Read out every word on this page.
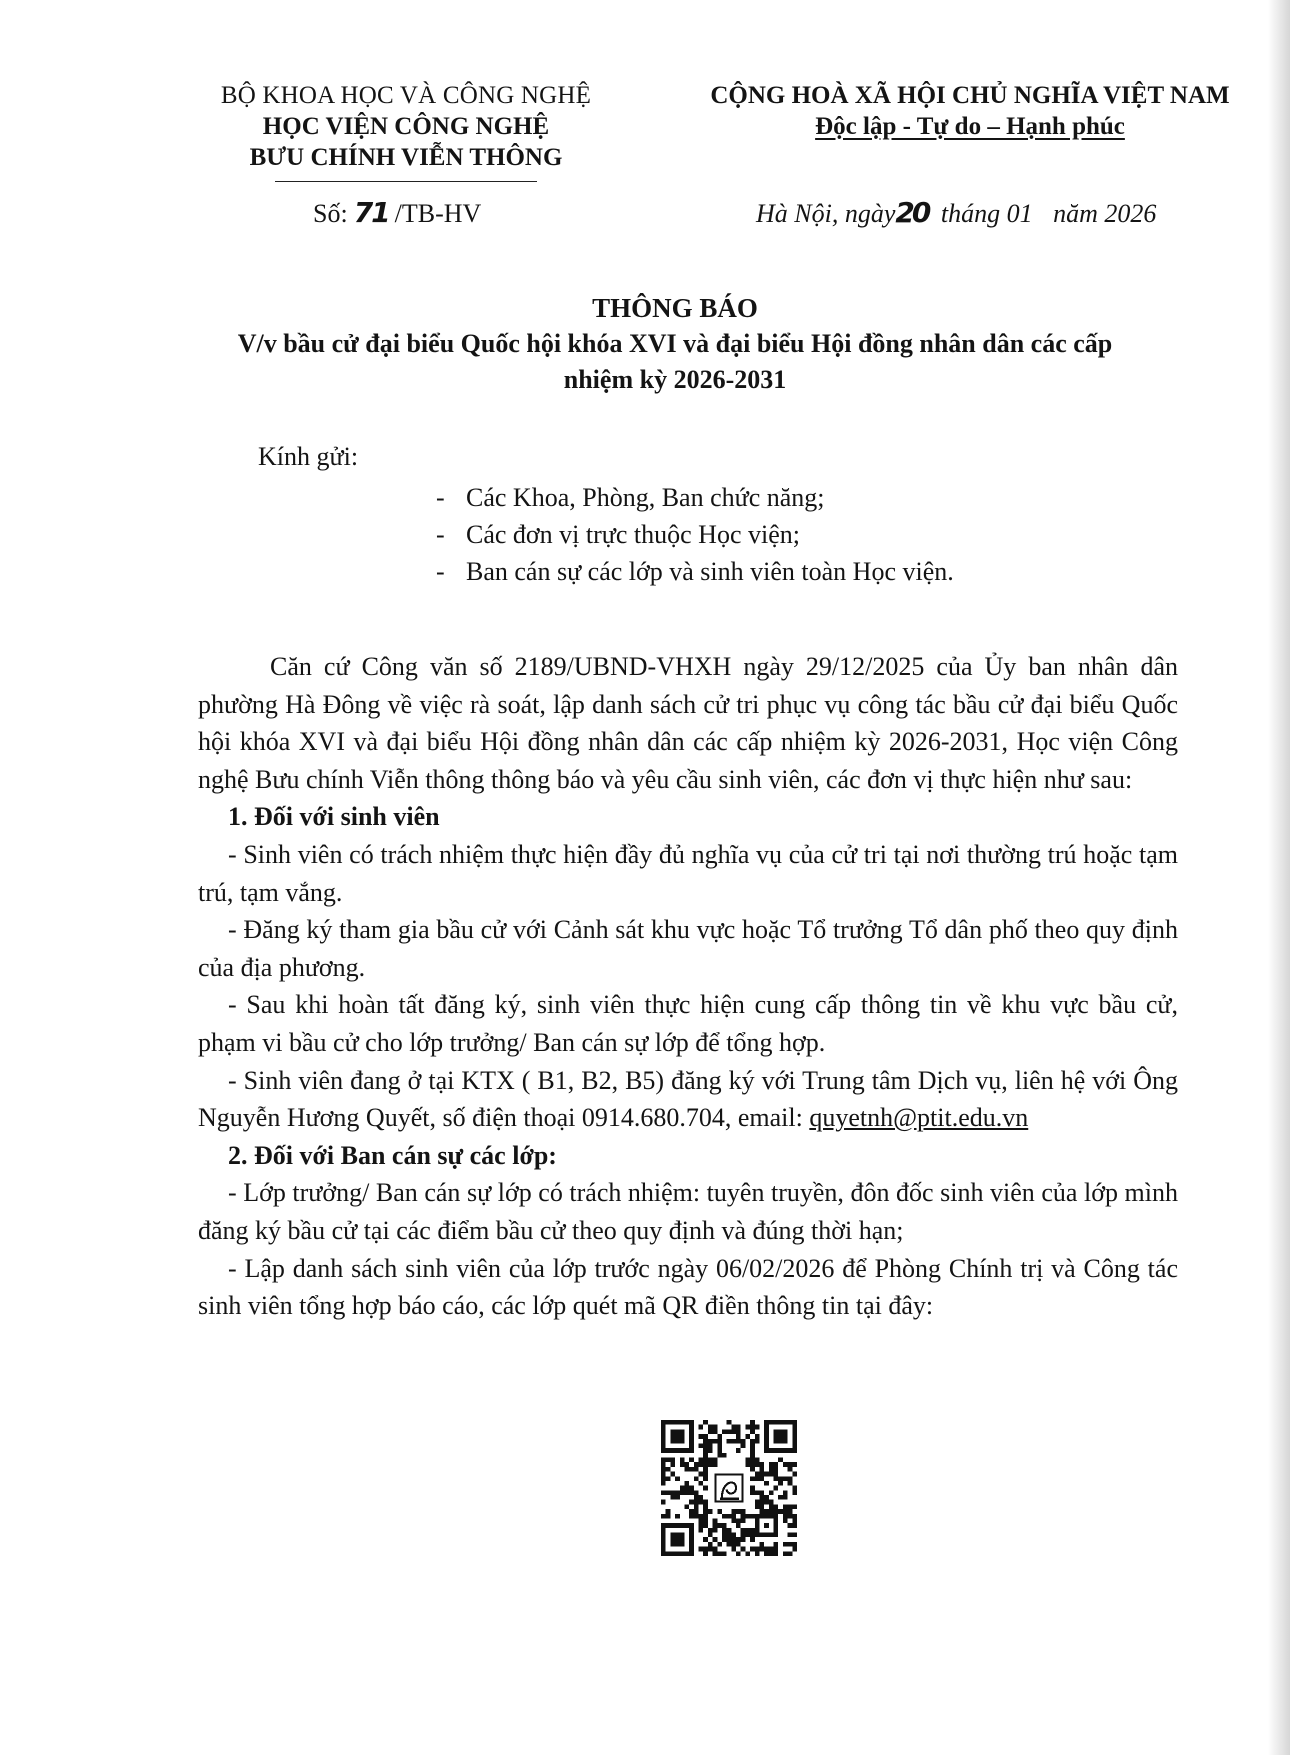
BỘ KHOA HỌC VÀ CÔNG NGHỆ
HỌC VIỆN CÔNG NGHỆ
BƯU CHÍNH VIỄN THÔNG
CỘNG HOÀ XÃ HỘI CHỦ NGHĨA VIỆT NAM
Độc lập - Tự do – Hạnh phúc
Số: 71 /TB-HV	Hà Nội, ngày20 tháng 01 năm 2026
THÔNG BÁO
V/v bầu cử đại biểu Quốc hội khóa XVI và đại biểu Hội đồng nhân dân các cấp
nhiệm kỳ 2026-2031
Kính gửi:
- Các Khoa, Phòng, Ban chức năng;
- Các đơn vị trực thuộc Học viện;
- Ban cán sự các lớp và sinh viên toàn Học viện.

Căn cứ Công văn số 2189/UBND-VHXH ngày 29/12/2025 của Ủy ban nhân dân phường Hà Đông về việc rà soát, lập danh sách cử tri phục vụ công tác bầu cử đại biểu Quốc hội khóa XVI và đại biểu Hội đồng nhân dân các cấp nhiệm kỳ 2026-2031, Học viện Công nghệ Bưu chính Viễn thông thông báo và yêu cầu sinh viên, các đơn vị thực hiện như sau:

1. Đối với sinh viên

- Sinh viên có trách nhiệm thực hiện đầy đủ nghĩa vụ của cử tri tại nơi thường trú hoặc tạm trú, tạm vắng.

- Đăng ký tham gia bầu cử với Cảnh sát khu vực hoặc Tổ trưởng Tổ dân phố theo quy định của địa phương.

- Sau khi hoàn tất đăng ký, sinh viên thực hiện cung cấp thông tin về khu vực bầu cử, phạm vi bầu cử cho lớp trưởng/ Ban cán sự lớp để tổng hợp.

- Sinh viên đang ở tại KTX ( B1, B2, B5) đăng ký với Trung tâm Dịch vụ, liên hệ với Ông Nguyễn Hương Quyết, số điện thoại 0914.680.704, email: quyetnh@ptit.edu.vn

2. Đối với Ban cán sự các lớp:

- Lớp trưởng/ Ban cán sự lớp có trách nhiệm: tuyên truyền, đôn đốc sinh viên của lớp mình đăng ký bầu cử tại các điểm bầu cử theo quy định và đúng thời hạn;

- Lập danh sách sinh viên của lớp trước ngày 06/02/2026 để Phòng Chính trị và Công tác sinh viên tổng hợp báo cáo, các lớp quét mã QR điền thông tin tại đây:
